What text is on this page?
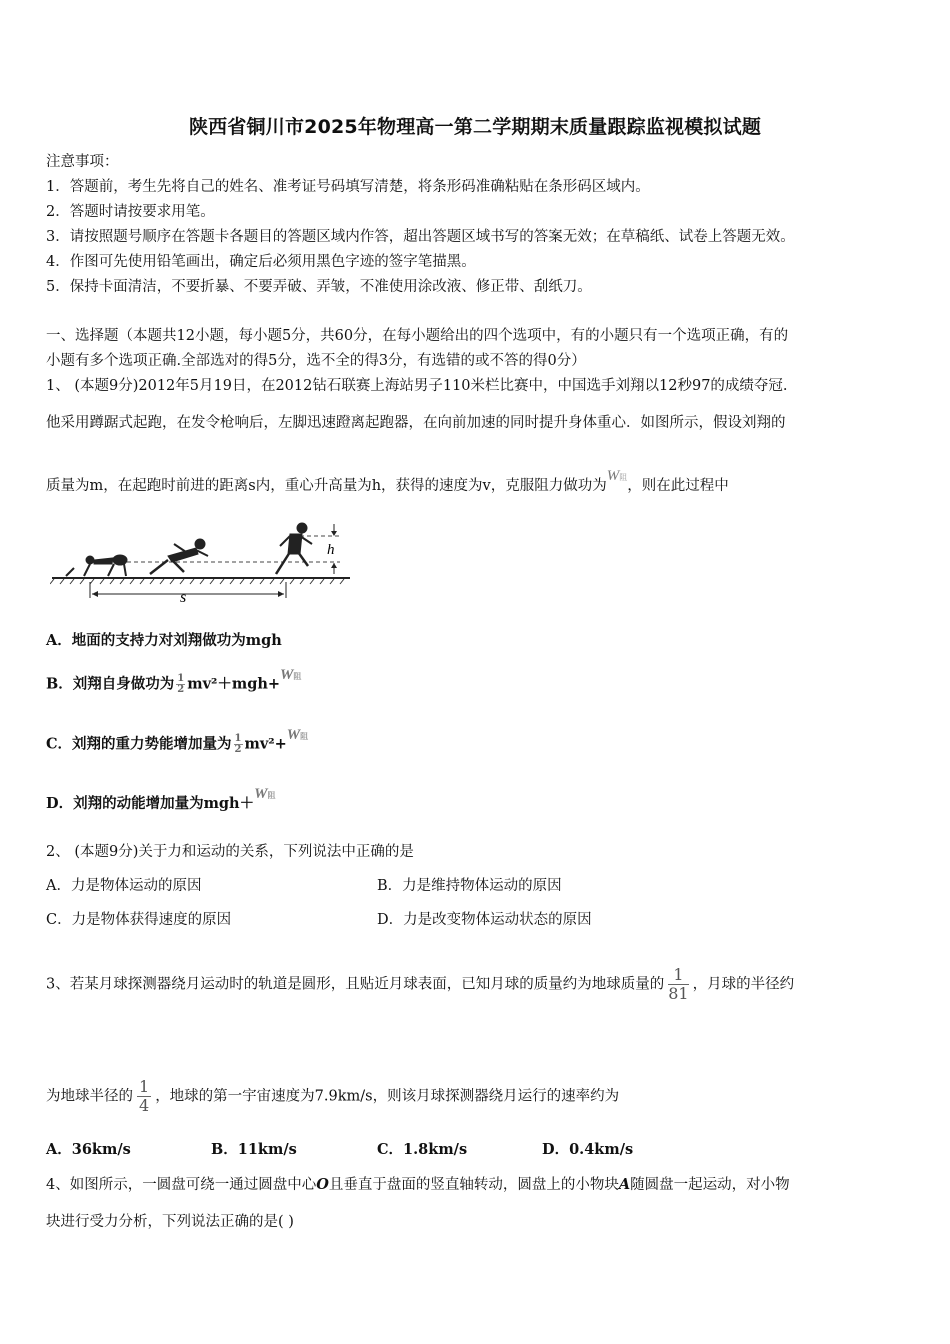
陕西省铜川市2025年物理高一第二学期期末质量跟踪监视模拟试题
注意事项：
1．答题前，考生先将自己的姓名、准考证号码填写清楚，将条形码准确粘贴在条形码区域内。
2．答题时请按要求用笔。
3．请按照题号顺序在答题卡各题目的答题区域内作答，超出答题区域书写的答案无效；在草稿纸、试卷上答题无效。
4．作图可先使用铅笔画出，确定后必须用黑色字迹的签字笔描黑。
5．保持卡面清洁，不要折暴、不要弄破、弄皱，不准使用涂改液、修正带、刮纸刀。
一、选择题（本题共12小题，每小题5分，共60分，在每小题给出的四个选项中，有的小题只有一个选项正确，有的
小题有多个选项正确.全部选对的得5分，选不全的得3分，有选错的或不答的得0分）
1、 (本题9分)2012年5月19日，在2012钻石联赛上海站男子110米栏比赛中，中国选手刘翔以12秒97的成绩夺冠.
他采用蹲踞式起跑，在发令枪响后，左脚迅速蹬离起跑器，在向前加速的同时提升身体重心．如图所示，假设刘翔的
质量为m，在起跑时前进的距离s内，重心升高量为h，获得的速度为v，克服阻力做功为W阻，则在此过程中
h
s
A．地面的支持力对刘翔做功为mgh
B．刘翔自身做功为 $\frac{1}{2} mv^2+mgh+W$阻
C．刘翔的重力势能增加量为 $\frac{1}{2} mv^2+W$阻
D．刘翔的动能增加量为mgh＋W阻
2、 (本题9分)关于力和运动的关系，下列说法中正确的是
A．力是物体运动的原因	B．力是维持物体运动的原因
C．力是物体获得速度的原因	D．力是改变物体运动状态的原因
3、若某月球探测器绕月运动时的轨道是圆形，且贴近月球表面，已知月球的质量约为地球质量的 $\frac{1}{81}$ ，月球的半径约
为地球半径的 $\frac{1}{4}$ ，地球的第一宇宙速度为7.9km/s，则该月球探测器绕月运行的速率约为
A．36km/s	B．11km/s	C．1.8km/s	D．0.4km/s
4、如图所示，一圆盘可绕一通过圆盘中心O且垂直于盘面的竖直轴转动，圆盘上的小物块A随圆盘一起运动，对小物
块进行受力分析，下列说法正确的是( )
